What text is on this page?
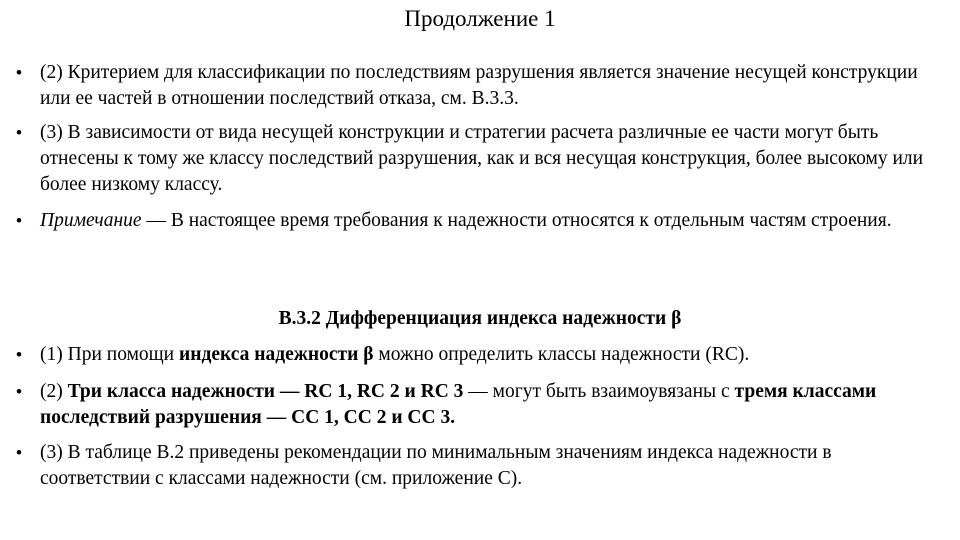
Продолжение 1
• (2) Критерием для классификации по последствиям разрушения является значение несущей конструкции или ее частей в отношении последствий отказа, см. В.3.3.
• (3) В зависимости от вида несущей конструкции и стратегии расчета различные ее части могут быть отнесены к тому же классу последствий разрушения, как и вся несущая конструкция, более высокому или более низкому классу.
• Примечание — В настоящее время требования к надежности относятся к отдельным частям строения.
В.3.2 Дифференциация индекса надежности β
• (1) При помощи индекса надежности β можно определить классы надежности (RC).
• (2) Три класса надежности — RC 1, RC 2 и RC 3 — могут быть взаимоувязаны с тремя классами последствий разрушения — CC 1, CC 2 и CC 3.
• (3) В таблице В.2 приведены рекомендации по минимальным значениям индекса надежности в соответствии с классами надежности (см. приложение С).
